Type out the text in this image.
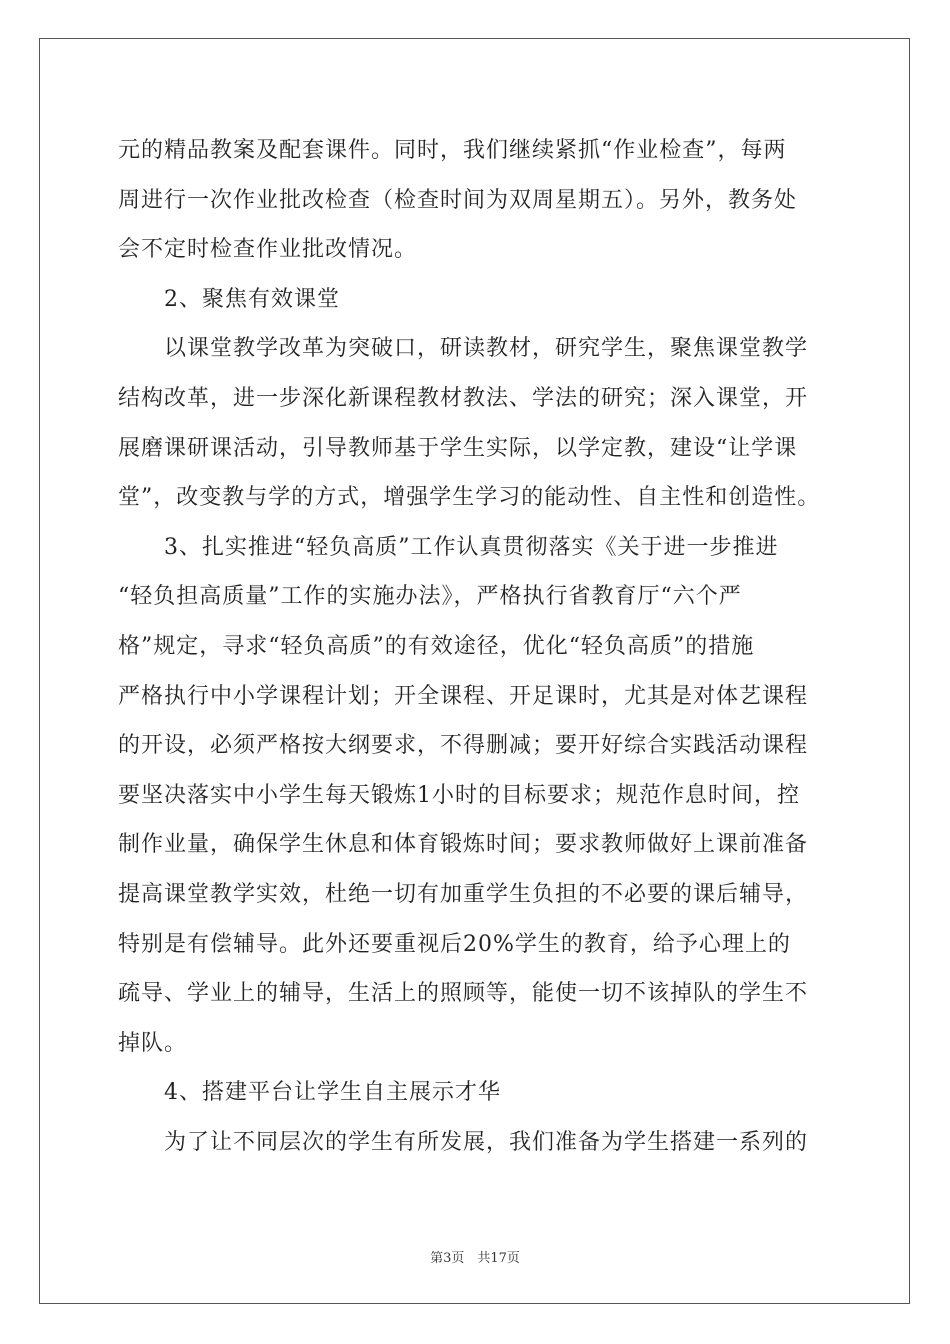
元的精品教案及配套课件。同时，我们继续紧抓“作业检查”，每两
周进行一次作业批改检查（检查时间为双周星期五）。另外，教务处
会不定时检查作业批改情况。
2、聚焦有效课堂
以课堂教学改革为突破口，研读教材，研究学生，聚焦课堂教学
结构改革，进一步深化新课程教材教法、学法的研究；深入课堂，开
展磨课研课活动，引导教师基于学生实际，以学定教，建设“让学课
堂”，改变教与学的方式，增强学生学习的能动性、自主性和创造性。
3、扎实推进“轻负高质”工作认真贯彻落实《关于进一步推进
“轻负担高质量”工作的实施办法》，严格执行省教育厅“六个严
格”规定，寻求“轻负高质”的有效途径，优化“轻负高质”的措施
严格执行中小学课程计划；开全课程、开足课时，尤其是对体艺课程
的开设，必须严格按大纲要求，不得删减；要开好综合实践活动课程
要坚决落实中小学生每天锻炼1小时的目标要求；规范作息时间，控
制作业量，确保学生休息和体育锻炼时间；要求教师做好上课前准备
提高课堂教学实效，杜绝一切有加重学生负担的不必要的课后辅导，
特别是有偿辅导。此外还要重视后20%学生的教育，给予心理上的
疏导、学业上的辅导，生活上的照顾等，能使一切不该掉队的学生不
掉队。
4、搭建平台让学生自主展示才华
为了让不同层次的学生有所发展，我们准备为学生搭建一系列的
第3页　共17页
